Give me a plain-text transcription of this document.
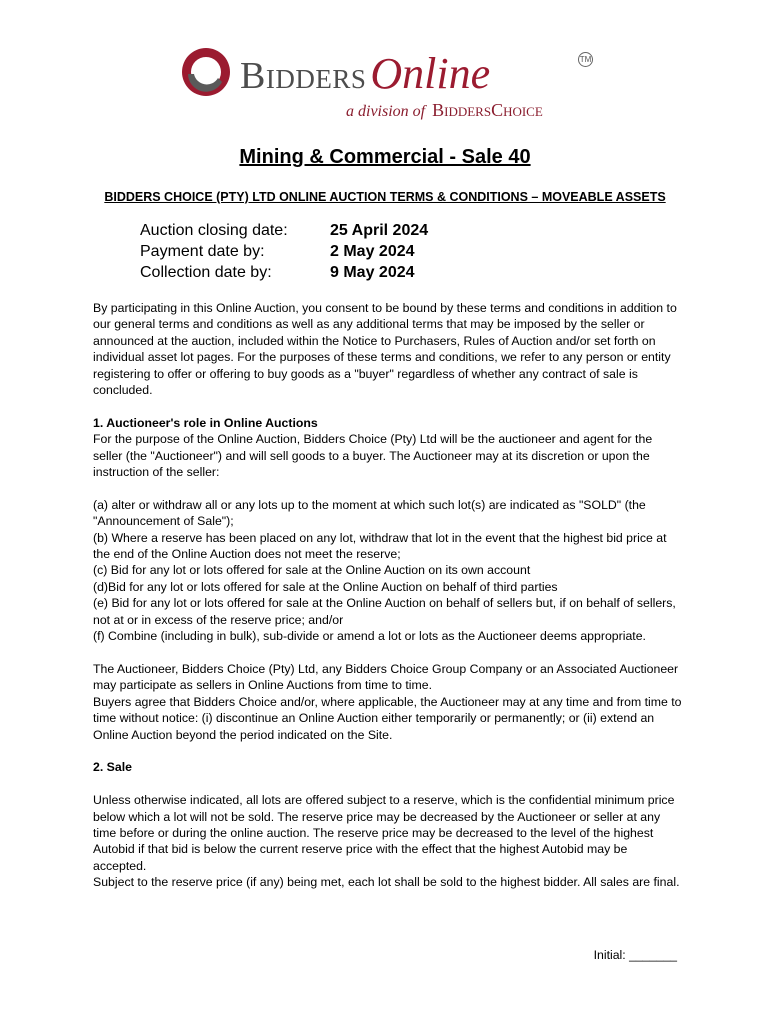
BiddersOnline	TM
a division of BiddersChoice
Mining & Commercial - Sale 40
BIDDERS CHOICE (PTY) LTD ONLINE AUCTION TERMS & CONDITIONS – MOVEABLE ASSETS
Auction closing date:	25 April 2024
Payment date by:	2 May 2024
Collection date by:	9 May 2024

By participating in this Online Auction, you consent to be bound by these terms and conditions in addition to our general terms and conditions as well as any additional terms that may be imposed by the seller or announced at the auction, included within the Notice to Purchasers, Rules of Auction and/or set forth on individual asset lot pages. For the purposes of these terms and conditions, we refer to any person or entity registering to offer or offering to buy goods as a "buyer" regardless of whether any contract of sale is concluded.

1. Auctioneer's role in Online Auctions

For the purpose of the Online Auction, Bidders Choice (Pty) Ltd will be the auctioneer and agent for the seller (the "Auctioneer") and will sell goods to a buyer. The Auctioneer may at its discretion or upon the instruction of the seller:

(a) alter or withdraw all or any lots up to the moment at which such lot(s) are indicated as "SOLD" (the "Announcement of Sale");

(b) Where a reserve has been placed on any lot, withdraw that lot in the event that the highest bid price at the end of the Online Auction does not meet the reserve;

(c) Bid for any lot or lots offered for sale at the Online Auction on its own account

(d)Bid for any lot or lots offered for sale at the Online Auction on behalf of third parties

(e) Bid for any lot or lots offered for sale at the Online Auction on behalf of sellers but, if on behalf of sellers, not at or in excess of the reserve price; and/or

(f) Combine (including in bulk), sub-divide or amend a lot or lots as the Auctioneer deems appropriate.

The Auctioneer, Bidders Choice (Pty) Ltd, any Bidders Choice Group Company or an Associated Auctioneer may participate as sellers in Online Auctions from time to time.

Buyers agree that Bidders Choice and/or, where applicable, the Auctioneer may at any time and from time to time without notice: (i) discontinue an Online Auction either temporarily or permanently; or (ii) extend an Online Auction beyond the period indicated on the Site.

2. Sale

Unless otherwise indicated, all lots are offered subject to a reserve, which is the confidential minimum price below which a lot will not be sold. The reserve price may be decreased by the Auctioneer or seller at any time before or during the online auction. The reserve price may be decreased to the level of the highest Autobid if that bid is below the current reserve price with the effect that the highest Autobid may be accepted.

Subject to the reserve price (if any) being met, each lot shall be sold to the highest bidder. All sales are final.

Initial: _______
